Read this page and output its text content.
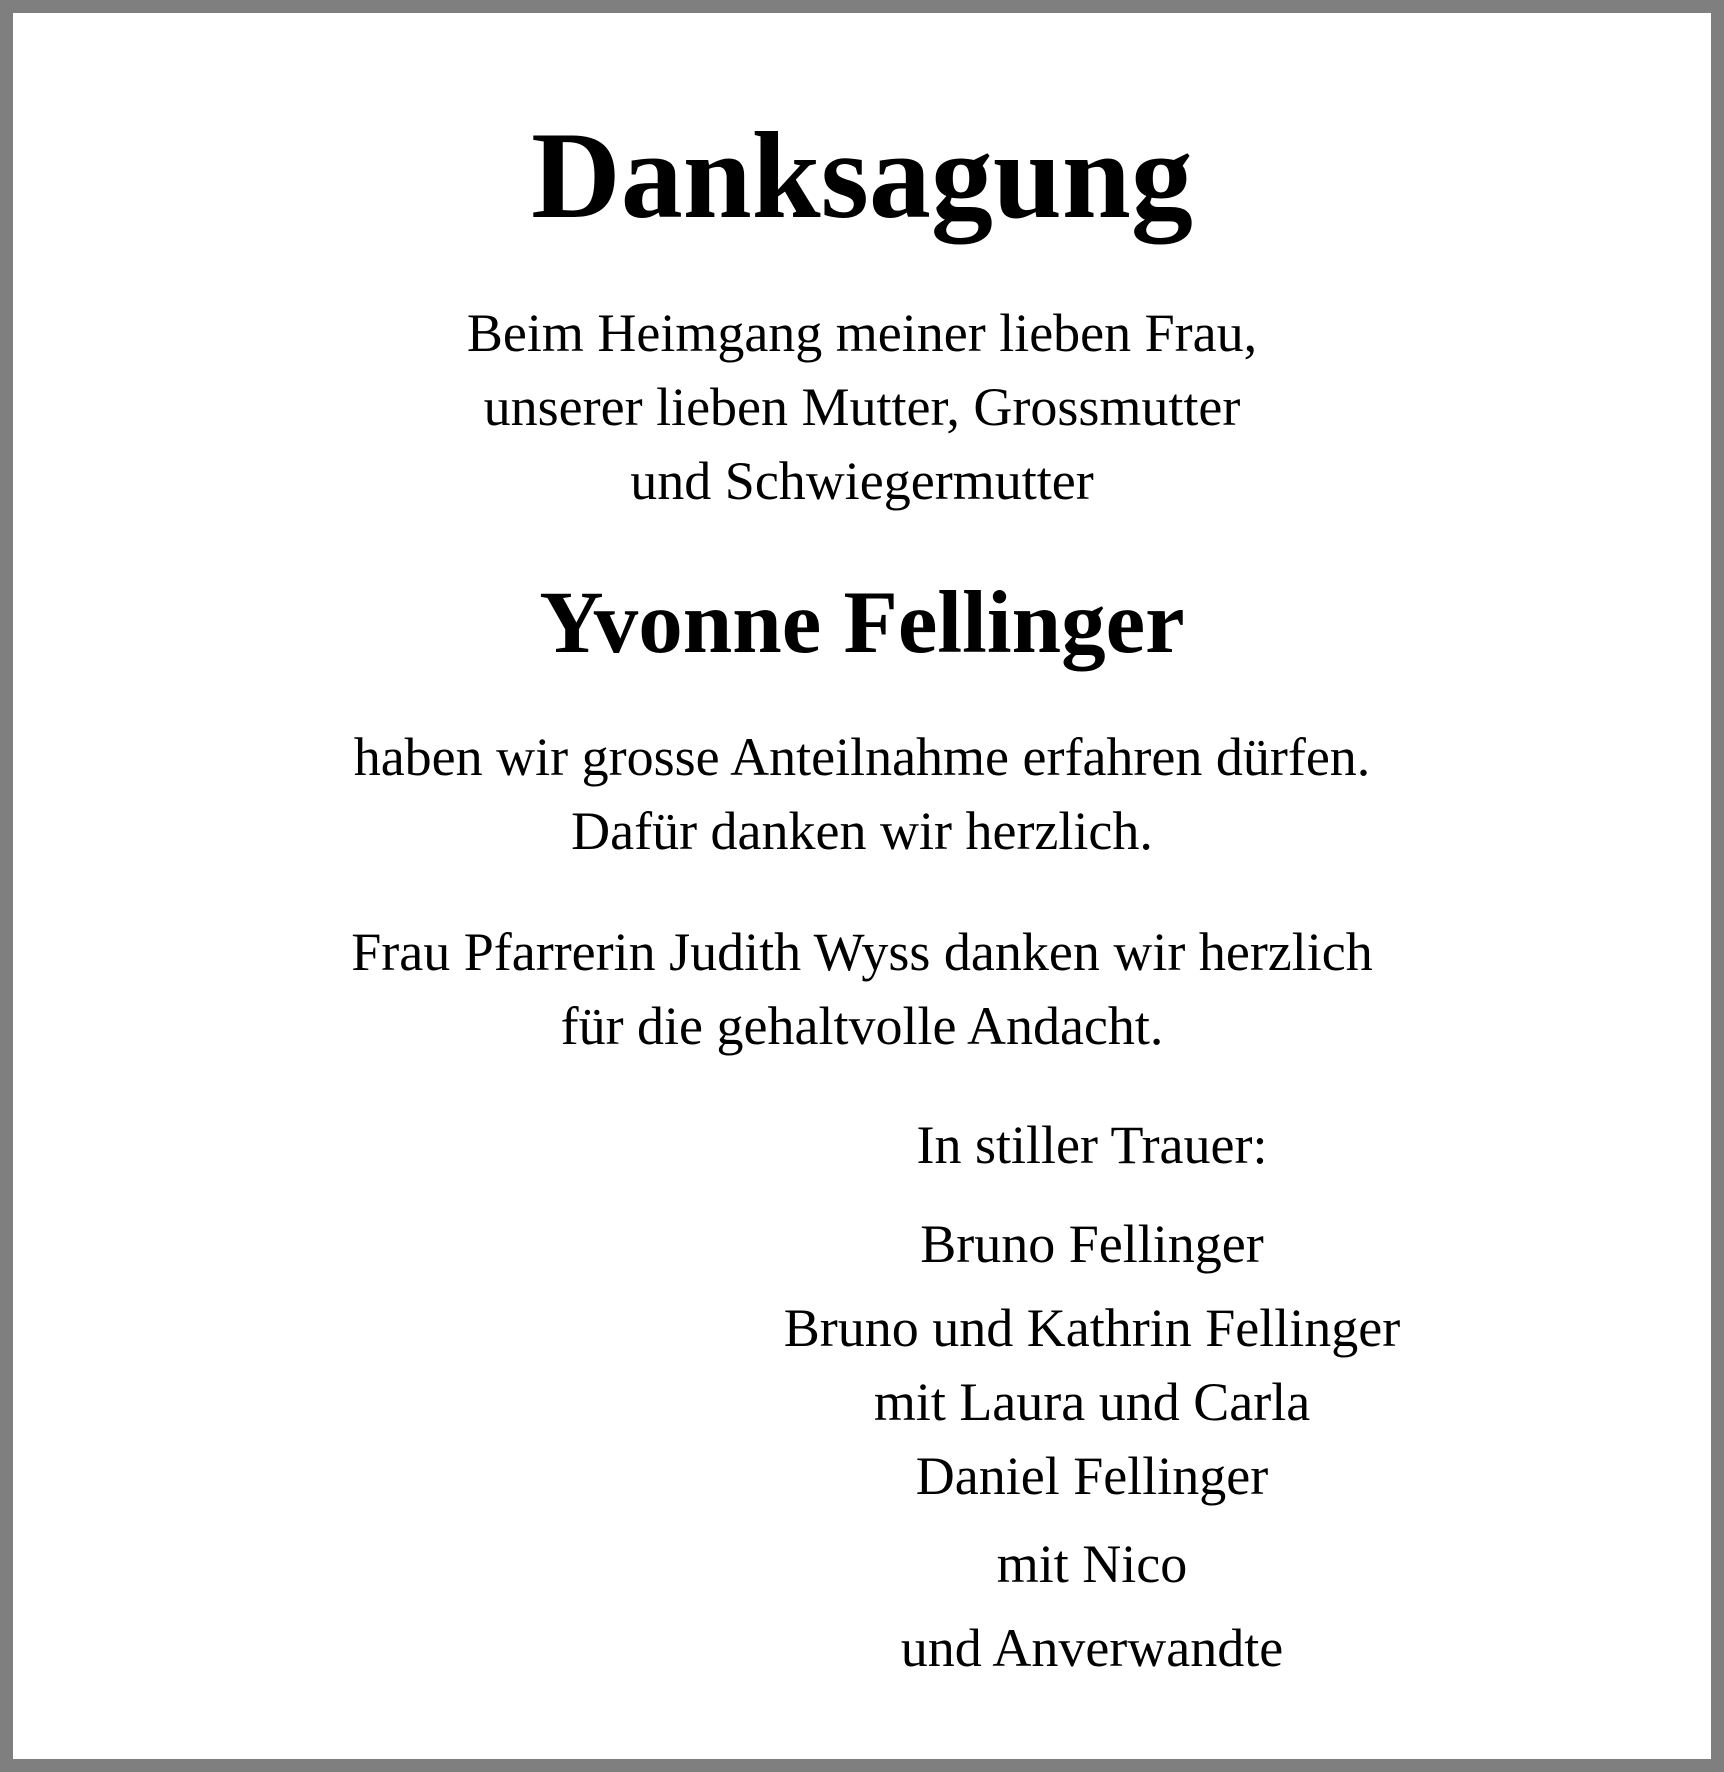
Danksagung
Beim Heimgang meiner lieben Frau,
unserer lieben Mutter, Grossmutter
und Schwiegermutter
Yvonne Fellinger
haben wir grosse Anteilnahme erfahren dürfen.
Dafür danken wir herzlich.
Frau Pfarrerin Judith Wyss danken wir herzlich
für die gehaltvolle Andacht.
In stiller Trauer:
Bruno Fellinger
Bruno und Kathrin Fellinger
mit Laura und Carla
Daniel Fellinger
mit Nico
und Anverwandte
